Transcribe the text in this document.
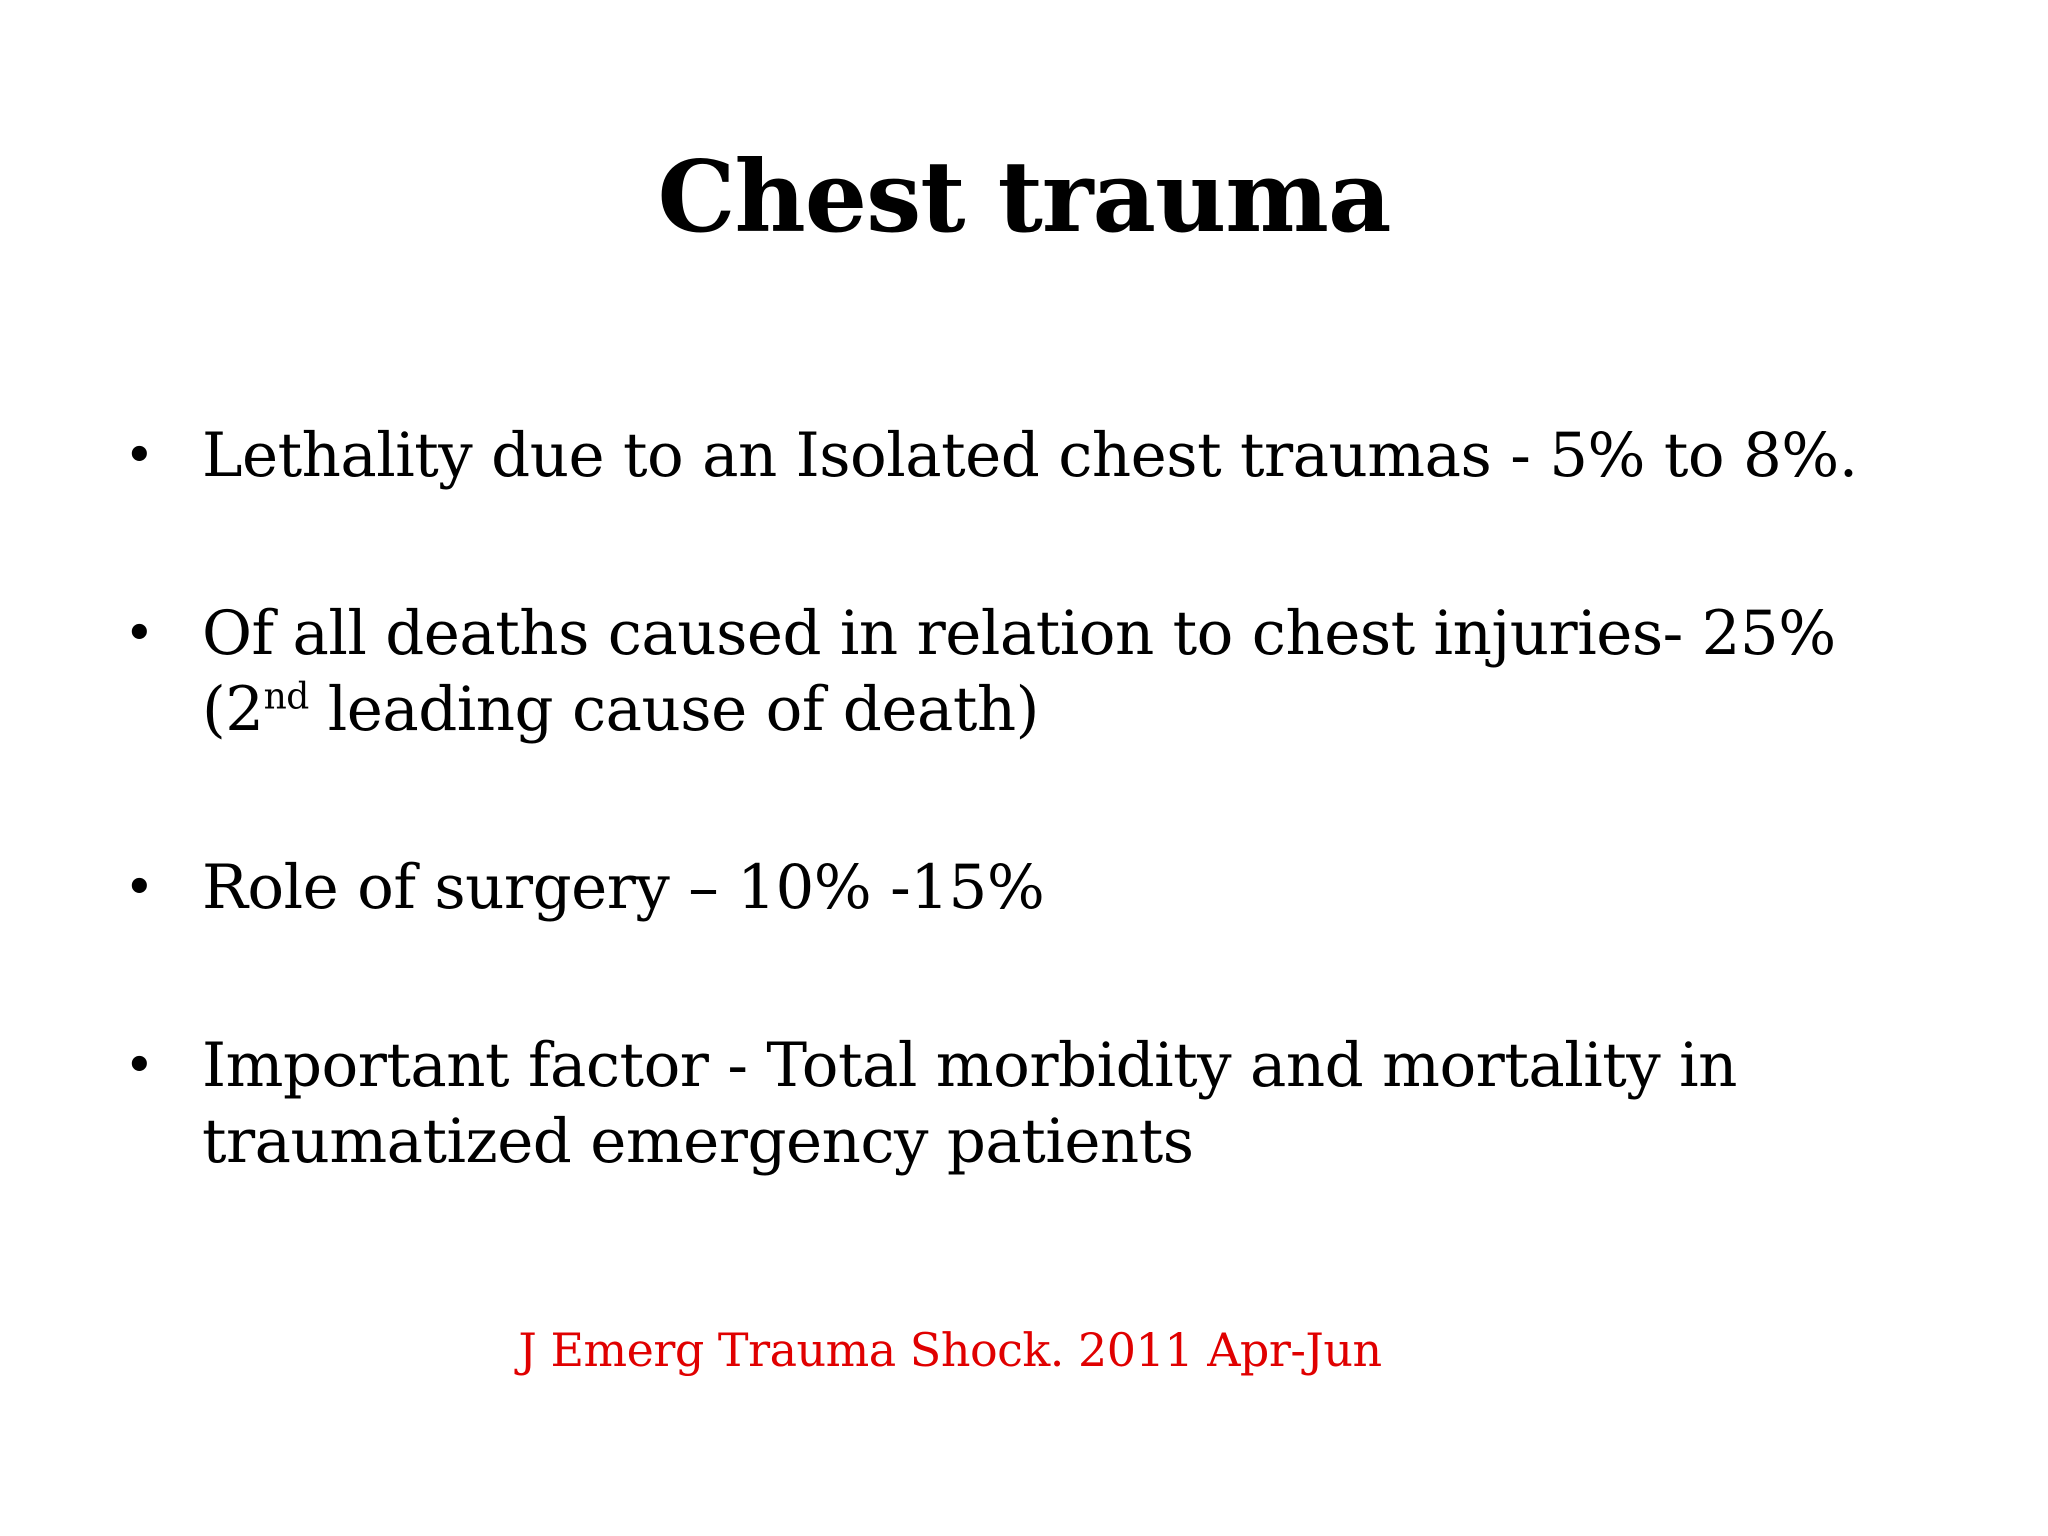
Chest trauma
• Lethality due to an Isolated chest traumas - 5% to 8%.
• Of all deaths caused in relation to chest injuries- 25%
(2nd leading cause of death)
• Role of surgery – 10% -15%
• Important factor - Total morbidity and mortality in
traumatized emergency patients
J Emerg Trauma Shock. 2011 Apr-Jun
